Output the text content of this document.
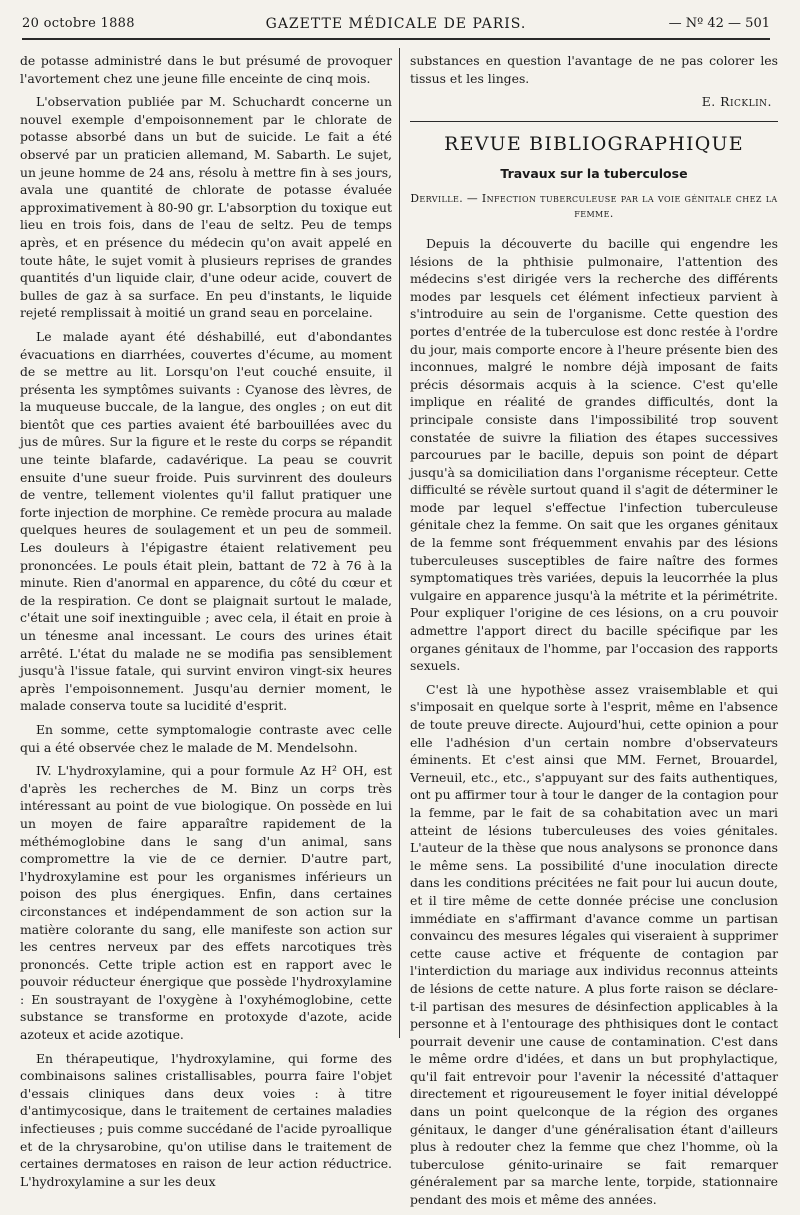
20 octobre 1888	GAZETTE MÉDICALE DE PARIS.	— Nº 42 — 501

de potasse administré dans le but présumé de provoquer l'avortement chez une jeune fille enceinte de cinq mois.

L'observation publiée par M. Schuchardt concerne un nouvel exemple d'empoisonnement par le chlorate de potasse absorbé dans un but de suicide. Le fait a été observé par un praticien allemand, M. Sabarth. Le sujet, un jeune homme de 24 ans, résolu à mettre fin à ses jours, avala une quantité de chlorate de potasse évaluée approximativement à 80-90 gr. L'absorption du toxique eut lieu en trois fois, dans de l'eau de seltz. Peu de temps après, et en présence du médecin qu'on avait appelé en toute hâte, le sujet vomit à plusieurs reprises de grandes quantités d'un liquide clair, d'une odeur acide, couvert de bulles de gaz à sa surface. En peu d'instants, le liquide rejeté remplissait à moitié un grand seau en porcelaine.

Le malade ayant été déshabillé, eut d'abondantes évacuations en diarrhées, couvertes d'écume, au moment de se mettre au lit. Lorsqu'on l'eut couché ensuite, il présenta les symptômes suivants : Cyanose des lèvres, de la muqueuse buccale, de la langue, des ongles ; on eut dit bientôt que ces parties avaient été barbouillées avec du jus de mûres. Sur la figure et le reste du corps se répandit une teinte blafarde, cadavérique. La peau se couvrit ensuite d'une sueur froide. Puis survinrent des douleurs de ventre, tellement violentes qu'il fallut pratiquer une forte injection de morphine. Ce remède procura au malade quelques heures de soulagement et un peu de sommeil. Les douleurs à l'épigastre étaient relativement peu prononcées. Le pouls était plein, battant de 72 à 76 à la minute. Rien d'anormal en apparence, du côté du cœur et de la respiration. Ce dont se plaignait surtout le malade, c'était une soif inextinguible ; avec cela, il était en proie à un ténesme anal incessant. Le cours des urines était arrêté. L'état du malade ne se modifia pas sensiblement jusqu'à l'issue fatale, qui survint environ vingt-six heures après l'empoisonnement. Jusqu'au dernier moment, le malade conserva toute sa lucidité d'esprit.

En somme, cette symptomalogie contraste avec celle qui a été observée chez le malade de M. Mendelsohn.

IV. L'hydroxylamine, qui a pour formule Az H² OH, est d'après les recherches de M. Binz un corps très intéressant au point de vue biologique. On possède en lui un moyen de faire apparaître rapidement de la méthémoglobine dans le sang d'un animal, sans compromettre la vie de ce dernier. D'autre part, l'hydroxylamine est pour les organismes inférieurs un poison des plus énergiques. Enfin, dans certaines circonstances et indépendamment de son action sur la matière colorante du sang, elle manifeste son action sur les centres nerveux par des effets narcotiques très prononcés. Cette triple action est en rapport avec le pouvoir réducteur énergique que possède l'hydroxylamine : En soustrayant de l'oxygène à l'oxyhémoglobine, cette substance se transforme en protoxyde d'azote, acide azoteux et acide azotique.

En thérapeutique, l'hydroxylamine, qui forme des combinaisons salines cristallisables, pourra faire l'objet d'essais cliniques dans deux voies : à titre d'antimycosique, dans le traitement de certaines maladies infectieuses ; puis comme succédané de l'acide pyroallique et de la chrysarobine, qu'on utilise dans le traitement de certaines dermatoses en raison de leur action réductrice. L'hydroxylamine a sur les deux

substances en question l'avantage de ne pas colorer les tissus et les linges.

E. Ricklin.
REVUE BIBLIOGRAPHIQUE
Travaux sur la tuberculose
Derville. — Infection tuberculeuse par la voie génitale chez la femme.

Depuis la découverte du bacille qui engendre les lésions de la phthisie pulmonaire, l'attention des médecins s'est dirigée vers la recherche des différents modes par lesquels cet élément infectieux parvient à s'introduire au sein de l'organisme. Cette question des portes d'entrée de la tuberculose est donc restée à l'ordre du jour, mais comporte encore à l'heure présente bien des inconnues, malgré le nombre déjà imposant de faits précis désormais acquis à la science. C'est qu'elle implique en réalité de grandes difficultés, dont la principale consiste dans l'impossibilité trop souvent constatée de suivre la filiation des étapes successives parcourues par le bacille, depuis son point de départ jusqu'à sa domiciliation dans l'organisme récepteur. Cette difficulté se révèle surtout quand il s'agit de déterminer le mode par lequel s'effectue l'infection tuberculeuse génitale chez la femme. On sait que les organes génitaux de la femme sont fréquemment envahis par des lésions tuberculeuses susceptibles de faire naître des formes symptomatiques très variées, depuis la leucorrhée la plus vulgaire en apparence jusqu'à la métrite et la périmétrite. Pour expliquer l'origine de ces lésions, on a cru pouvoir admettre l'apport direct du bacille spécifique par les organes génitaux de l'homme, par l'occasion des rapports sexuels.

C'est là une hypothèse assez vraisemblable et qui s'imposait en quelque sorte à l'esprit, même en l'absence de toute preuve directe. Aujourd'hui, cette opinion a pour elle l'adhésion d'un certain nombre d'observateurs éminents. Et c'est ainsi que MM. Fernet, Brouardel, Verneuil, etc., etc., s'appuyant sur des faits authentiques, ont pu affirmer tour à tour le danger de la contagion pour la femme, par le fait de sa cohabitation avec un mari atteint de lésions tuberculeuses des voies génitales. L'auteur de la thèse que nous analysons se prononce dans le même sens. La possibilité d'une inoculation directe dans les conditions précitées ne fait pour lui aucun doute, et il tire même de cette donnée précise une conclusion immédiate en s'affirmant d'avance comme un partisan convaincu des mesures légales qui viseraient à supprimer cette cause active et fréquente de contagion par l'interdiction du mariage aux individus reconnus atteints de lésions de cette nature. A plus forte raison se déclare-t-il partisan des mesures de désinfection applicables à la personne et à l'entourage des phthisiques dont le contact pourrait devenir une cause de contamination. C'est dans le même ordre d'idées, et dans un but prophylactique, qu'il fait entrevoir pour l'avenir la nécessité d'attaquer directement et rigoureusement le foyer initial développé dans un point quelconque de la région des organes génitaux, le danger d'une généralisation étant d'ailleurs plus à redouter chez la femme que chez l'homme, où la tuberculose génito-urinaire se fait remarquer généralement par sa marche lente, torpide, stationnaire pendant des mois et même des années.
